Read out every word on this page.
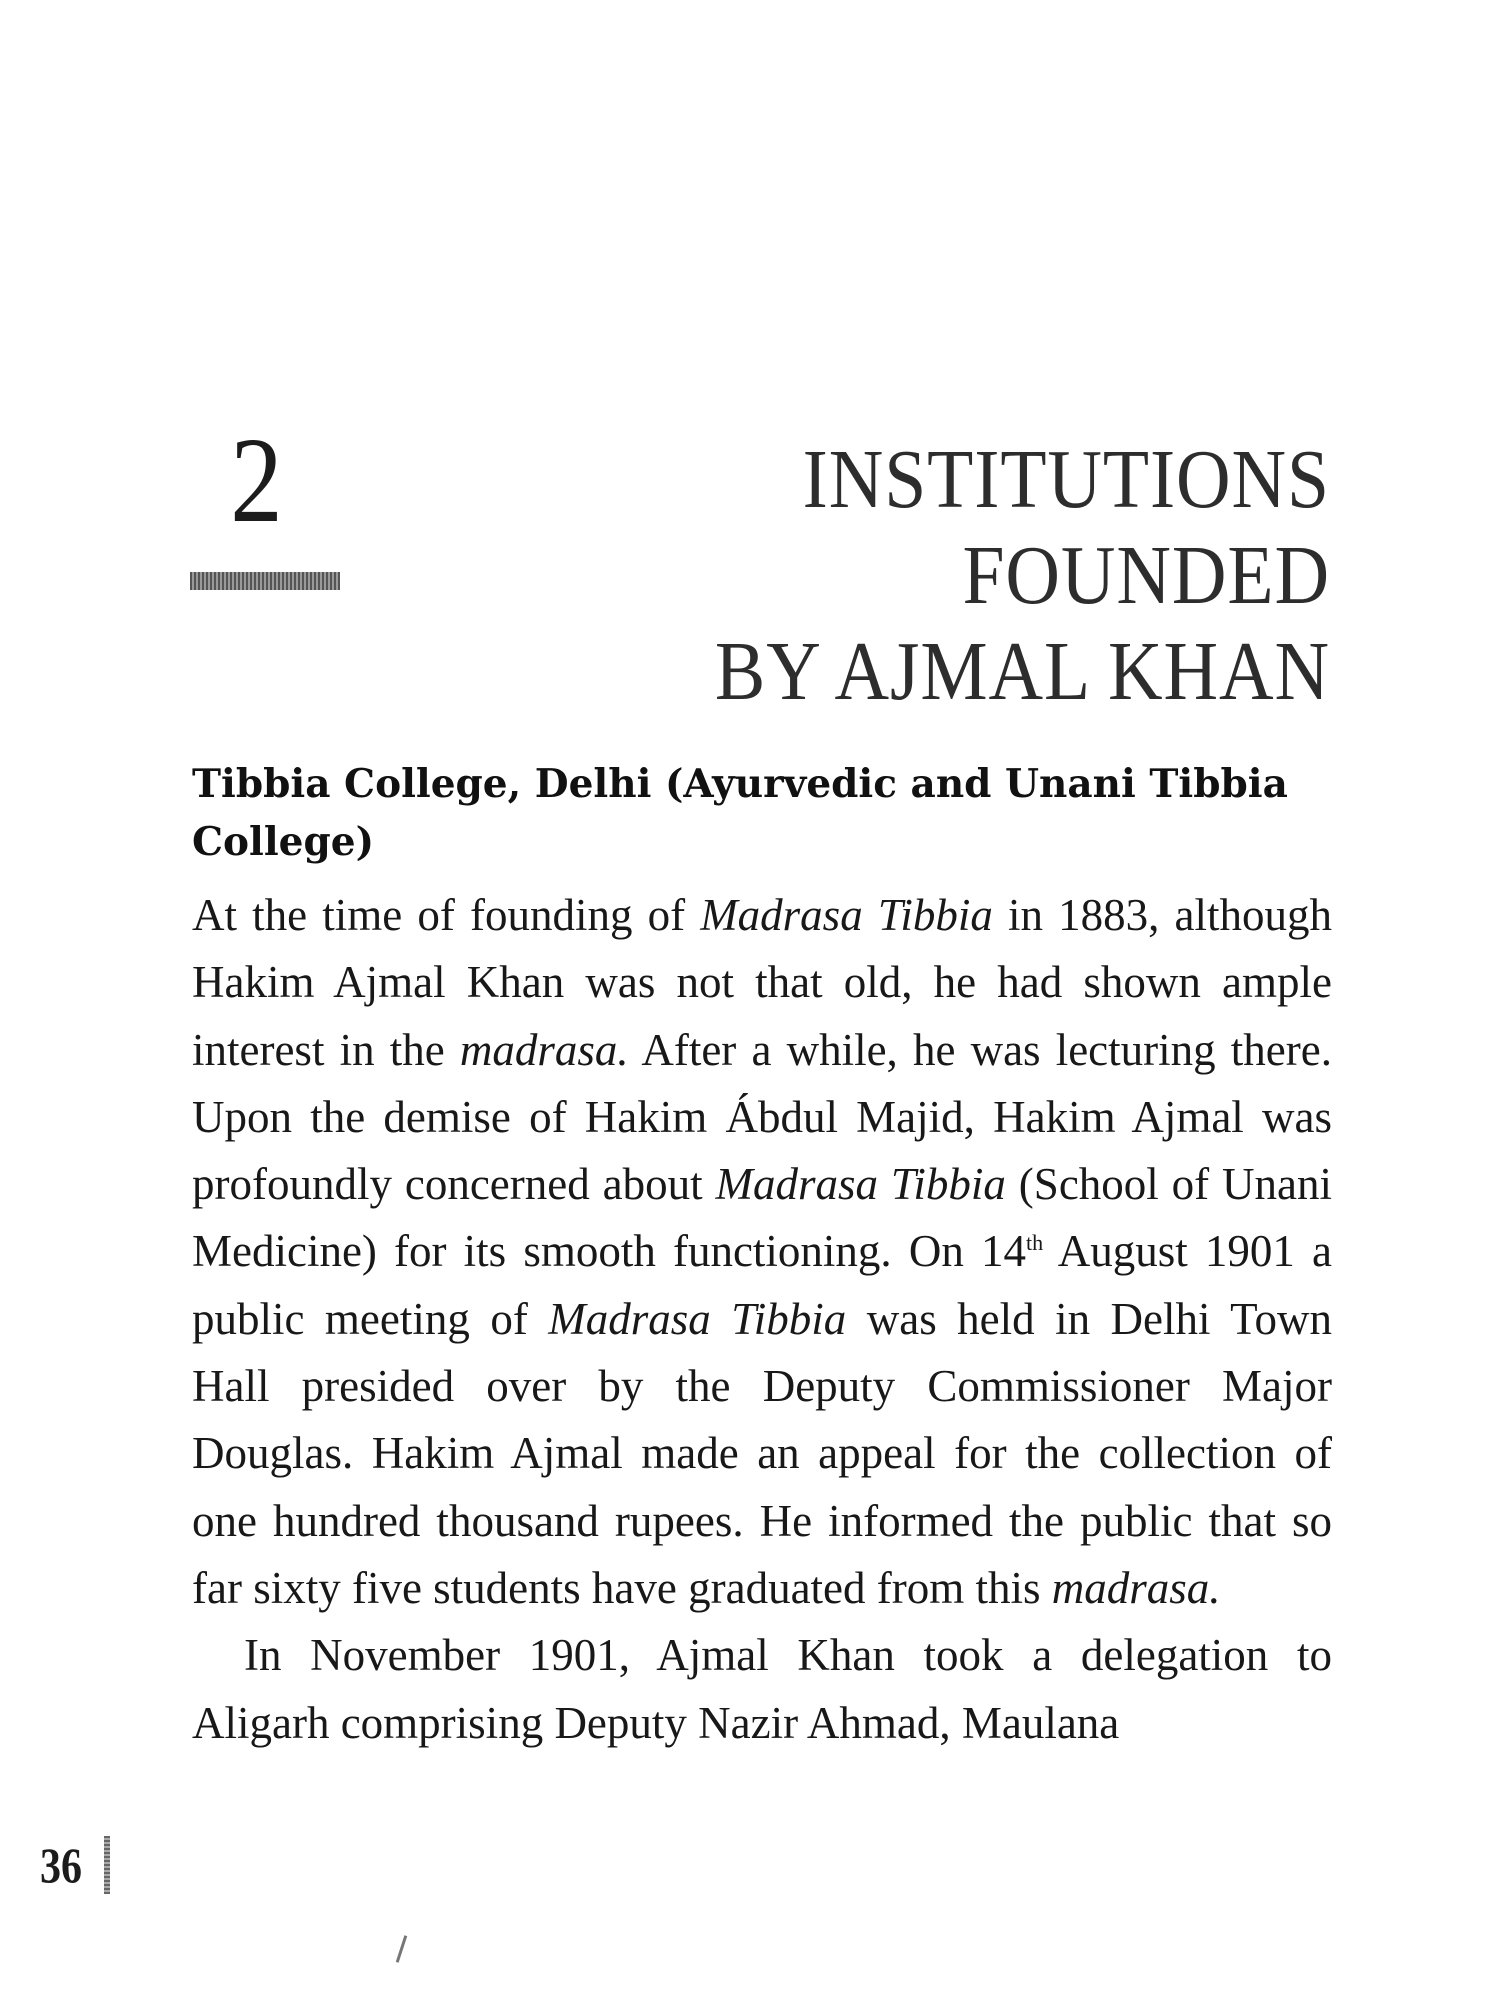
2	INSTITUTIONS FOUNDED
BY AJMAL KHAN
Tibbia College, Delhi (Ayurvedic and Unani Tibbia College)

At the time of founding of Madrasa Tibbia in 1883, although Hakim Ajmal Khan was not that old, he had shown ample interest in the madrasa. After a while, he was lecturing there. Upon the demise of Hakim Ábdul Majid, Hakim Ajmal was profoundly concerned about Madrasa Tibbia (School of Unani Medicine) for its smooth functioning. On 14th August 1901 a public meeting of Madrasa Tibbia was held in Delhi Town Hall presided over by the Deputy Commissioner Major Douglas. Hakim Ajmal made an appeal for the collection of one hundred thousand rupees. He informed the public that so far sixty five students have graduated from this madrasa.

In November 1901, Ajmal Khan took a delegation to Aligarh comprising Deputy Nazir Ahmad, Maulana

36
